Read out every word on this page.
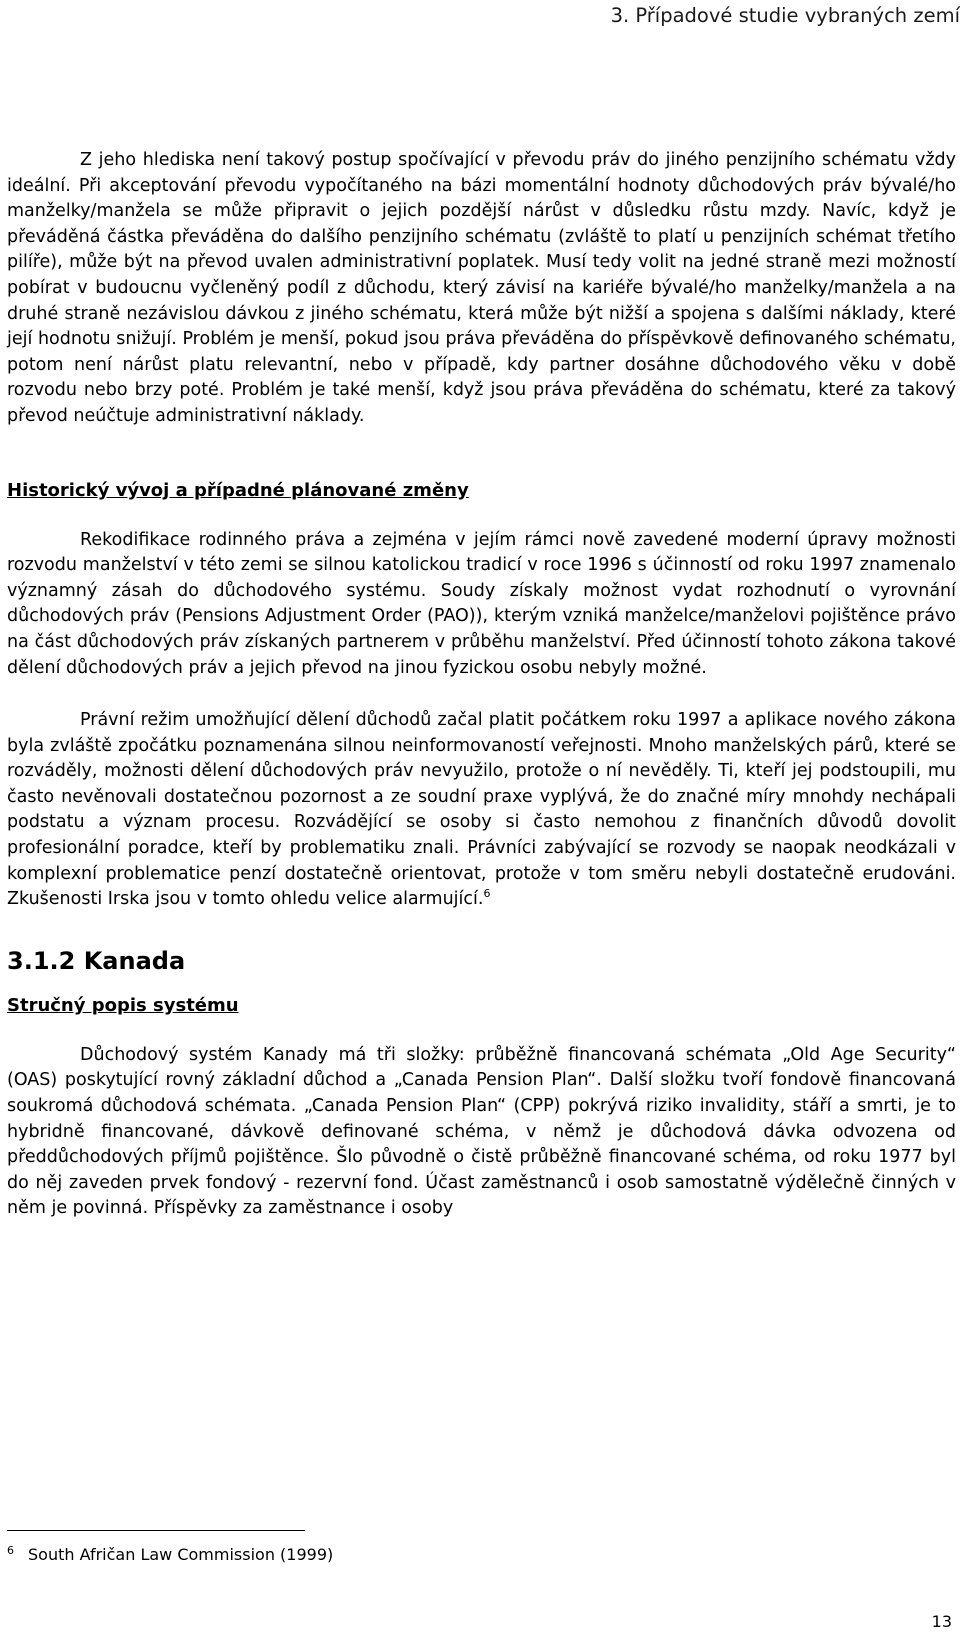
3. Případové studie vybraných zemí

Z jeho hlediska není takový postup spočívající v převodu práv do jiného penzijního schématu vždy ideální. Při akceptování převodu vypočítaného na bázi momentální hodnoty důchodových práv bývalé/ho manželky/manžela se může připravit o jejich pozdější nárůst v důsledku růstu mzdy. Navíc, když je převáděná částka převáděna do dalšího penzijního schématu (zvláště to platí u penzijních schémat třetího pilíře), může být na převod uvalen administrativní poplatek. Musí tedy volit na jedné straně mezi možností pobírat v budoucnu vyčleněný podíl z důchodu, který závisí na kariéře bývalé/ho manželky/manžela a na druhé straně nezávislou dávkou z jiného schématu, která může být nižší a spojena s dalšími náklady, které její hodnotu snižují. Problém je menší, pokud jsou práva převáděna do příspěvkově definovaného schématu, potom není nárůst platu relevantní, nebo v případě, kdy partner dosáhne důchodového věku v době rozvodu nebo brzy poté. Problém je také menší, když jsou práva převáděna do schématu, které za takový převod neúčtuje administrativní náklady.

Historický vývoj a případné plánované změny

Rekodifikace rodinného práva a zejména v jejím rámci nově zavedené moderní úpravy možnosti rozvodu manželství v této zemi se silnou katolickou tradicí v roce 1996 s účinností od roku 1997 znamenalo významný zásah do důchodového systému. Soudy získaly možnost vydat rozhodnutí o vyrovnání důchodových práv (Pensions Adjustment Order (PAO)), kterým vzniká manželce/manželovi pojištěnce právo na část důchodových práv získaných partnerem v průběhu manželství. Před účinností tohoto zákona takové dělení důchodových práv a jejich převod na jinou fyzickou osobu nebyly možné.

Právní režim umožňující dělení důchodů začal platit počátkem roku 1997 a aplikace nového zákona byla zvláště zpočátku poznamenána silnou neinformovaností veřejnosti. Mnoho manželských párů, které se rozváděly, možnosti dělení důchodových práv nevyužilo, protože o ní nevěděly. Ti, kteří jej podstoupili, mu často nevěnovali dostatečnou pozornost a ze soudní praxe vyplývá, že do značné míry mnohdy nechápali podstatu a význam procesu. Rozvádějící se osoby si často nemohou z finančních důvodů dovolit profesionální poradce, kteří by problematiku znali. Právníci zabývající se rozvody se naopak neodkázali v komplexní problematice penzí dostatečně orientovat, protože v tom směru nebyli dostatečně erudováni. Zkušenosti Irska jsou v tomto ohledu velice alarmující.$^6$

3.1.2 Kanada
Stručný popis systému

Důchodový systém Kanady má tři složky: průběžně financovaná schémata „Old Age Security“ (OAS) poskytující rovný základní důchod a „Canada Pension Plan“. Další složku tvoří fondově financovaná soukromá důchodová schémata. „Canada Pension Plan“ (CPP) pokrývá riziko invalidity, stáří a smrti, je to hybridně financované, dávkově definované schéma, v němž je důchodová dávka odvozena od předdůchodových příjmů pojištěnce. Šlo původně o čistě průběžně financované schéma, od roku 1977 byl do něj zaveden prvek fondový - rezervní fond. Účast zaměstnanců i osob samostatně výdělečně činných v něm je povinná. Příspěvky za zaměstnance i osoby

$^6$ South Afričan Law Commission (1999)
13
